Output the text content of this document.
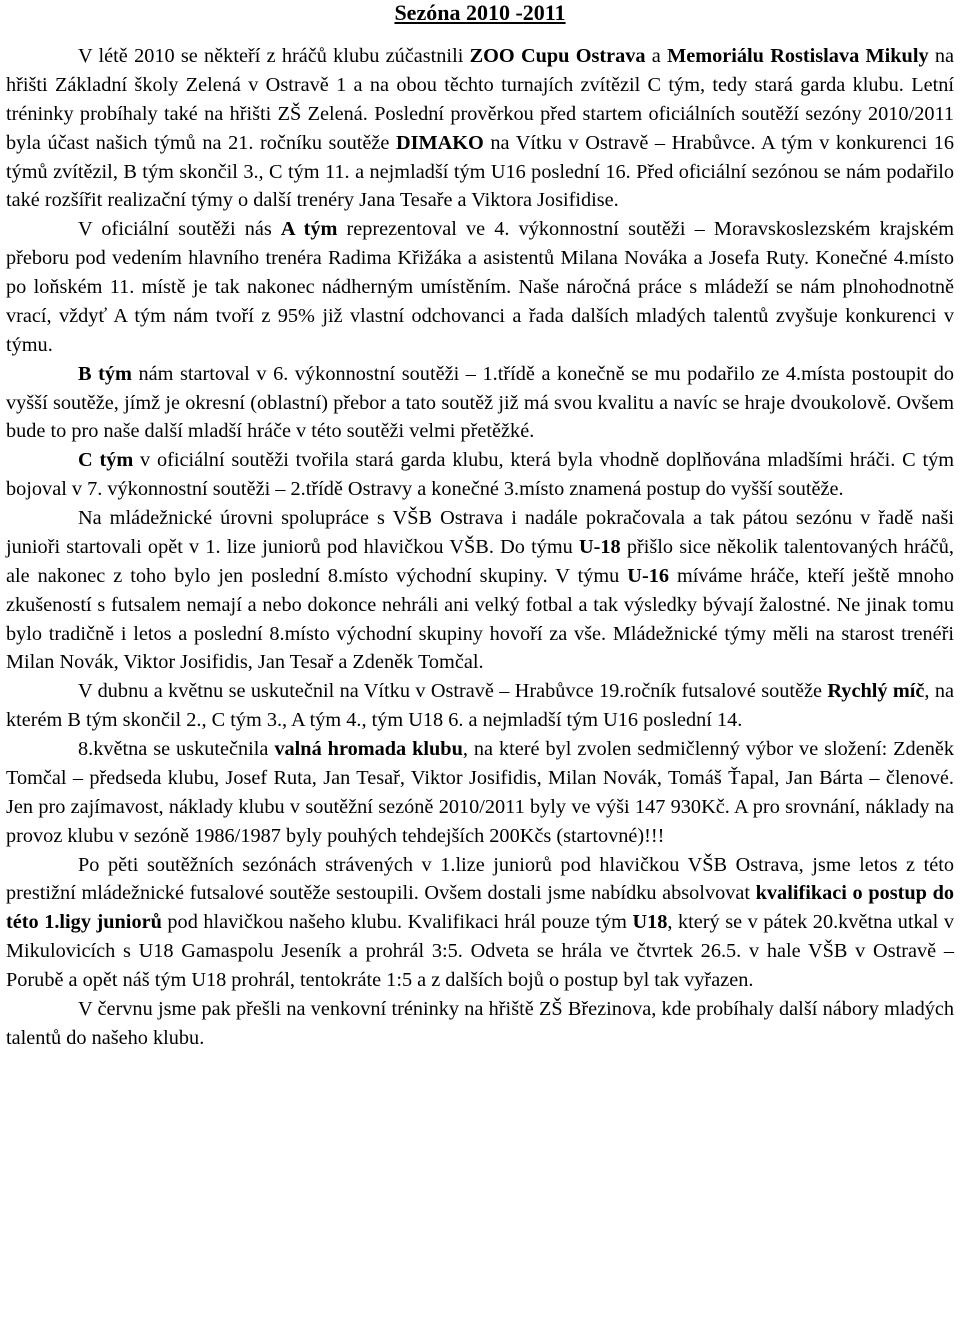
Sezóna 2010 -2011

V létě 2010 se někteří z hráčů klubu zúčastnili ZOO Cupu Ostrava a Memoriálu Rostislava Mikuly na hřišti Základní školy Zelená v Ostravě 1 a na obou těchto turnajích zvítězil C tým, tedy stará garda klubu. Letní tréninky probíhaly také na hřišti ZŠ Zelená. Poslední prověrkou před startem oficiálních soutěží sezóny 2010/2011 byla účast našich týmů na 21. ročníku soutěže DIMAKO na Vítku v Ostravě – Hrabůvce. A tým v konkurenci 16 týmů zvítězil, B tým skončil 3., C tým 11. a nejmladší tým U16 poslední 16. Před oficiální sezónou se nám podařilo také rozšířit realizační týmy o další trenéry Jana Tesaře a Viktora Josifidise.

V oficiální soutěži nás A tým reprezentoval ve 4. výkonnostní soutěži – Moravskoslezském krajském přeboru pod vedením hlavního trenéra Radima Křižáka a asistentů Milana Nováka a Josefa Ruty. Konečné 4.místo po loňském 11. místě je tak nakonec nádherným umístěním. Naše náročná práce s mládeží se nám plnohodnotně vrací, vždyť A tým nám tvoří z 95% již vlastní odchovanci a řada dalších mladých talentů zvyšuje konkurenci v týmu.

B tým nám startoval v 6. výkonnostní soutěži – 1.třídě a konečně se mu podařilo ze 4.místa postoupit do vyšší soutěže, jímž je okresní (oblastní) přebor a tato soutěž již má svou kvalitu a navíc se hraje dvoukolově. Ovšem bude to pro naše další mladší hráče v této soutěži velmi přetěžké.

C tým v oficiální soutěži tvořila stará garda klubu, která byla vhodně doplňována mladšími hráči. C tým bojoval v 7. výkonnostní soutěži – 2.třídě Ostravy a konečné 3.místo znamená postup do vyšší soutěže.

Na mládežnické úrovni spolupráce s VŠB Ostrava i nadále pokračovala a tak pátou sezónu v řadě naši junioři startovali opět v 1. lize juniorů pod hlavičkou VŠB. Do týmu U-18 přišlo sice několik talentovaných hráčů, ale nakonec z toho bylo jen poslední 8.místo východní skupiny. V týmu U-16 míváme hráče, kteří ještě mnoho zkušeností s futsalem nemají a nebo dokonce nehráli ani velký fotbal a tak výsledky bývají žalostné. Ne jinak tomu bylo tradičně i letos a poslední 8.místo východní skupiny hovoří za vše. Mládežnické týmy měli na starost trenéři Milan Novák, Viktor Josifidis, Jan Tesař a Zdeněk Tomčal.

V dubnu a květnu se uskutečnil na Vítku v Ostravě – Hrabůvce 19.ročník futsalové soutěže Rychlý míč, na kterém B tým skončil 2., C tým 3., A tým 4., tým U18 6. a nejmladší tým U16 poslední 14.

8.května se uskutečnila valná hromada klubu, na které byl zvolen sedmičlenný výbor ve složení: Zdeněk Tomčal – předseda klubu, Josef Ruta, Jan Tesař, Viktor Josifidis, Milan Novák, Tomáš Ťapal, Jan Bárta – členové. Jen pro zajímavost, náklady klubu v soutěžní sezóně 2010/2011 byly ve výši 147 930Kč. A pro srovnání, náklady na provoz klubu v sezóně 1986/1987 byly pouhých tehdejších 200Kčs (startovné)!!!

Po pěti soutěžních sezónách strávených v 1.lize juniorů pod hlavičkou VŠB Ostrava, jsme letos z této prestižní mládežnické futsalové soutěže sestoupili. Ovšem dostali jsme nabídku absolvovat kvalifikaci o postup do této 1.ligy juniorů pod hlavičkou našeho klubu. Kvalifikaci hrál pouze tým U18, který se v pátek 20.května utkal v Mikulovicích s U18 Gamaspolu Jeseník a prohrál 3:5. Odveta se hrála ve čtvrtek 26.5. v hale VŠB v Ostravě – Porubě a opět náš tým U18 prohrál, tentokráte 1:5 a z dalších bojů o postup byl tak vyřazen.

V červnu jsme pak přešli na venkovní tréninky na hřiště ZŠ Březinova, kde probíhaly další nábory mladých talentů do našeho klubu.
